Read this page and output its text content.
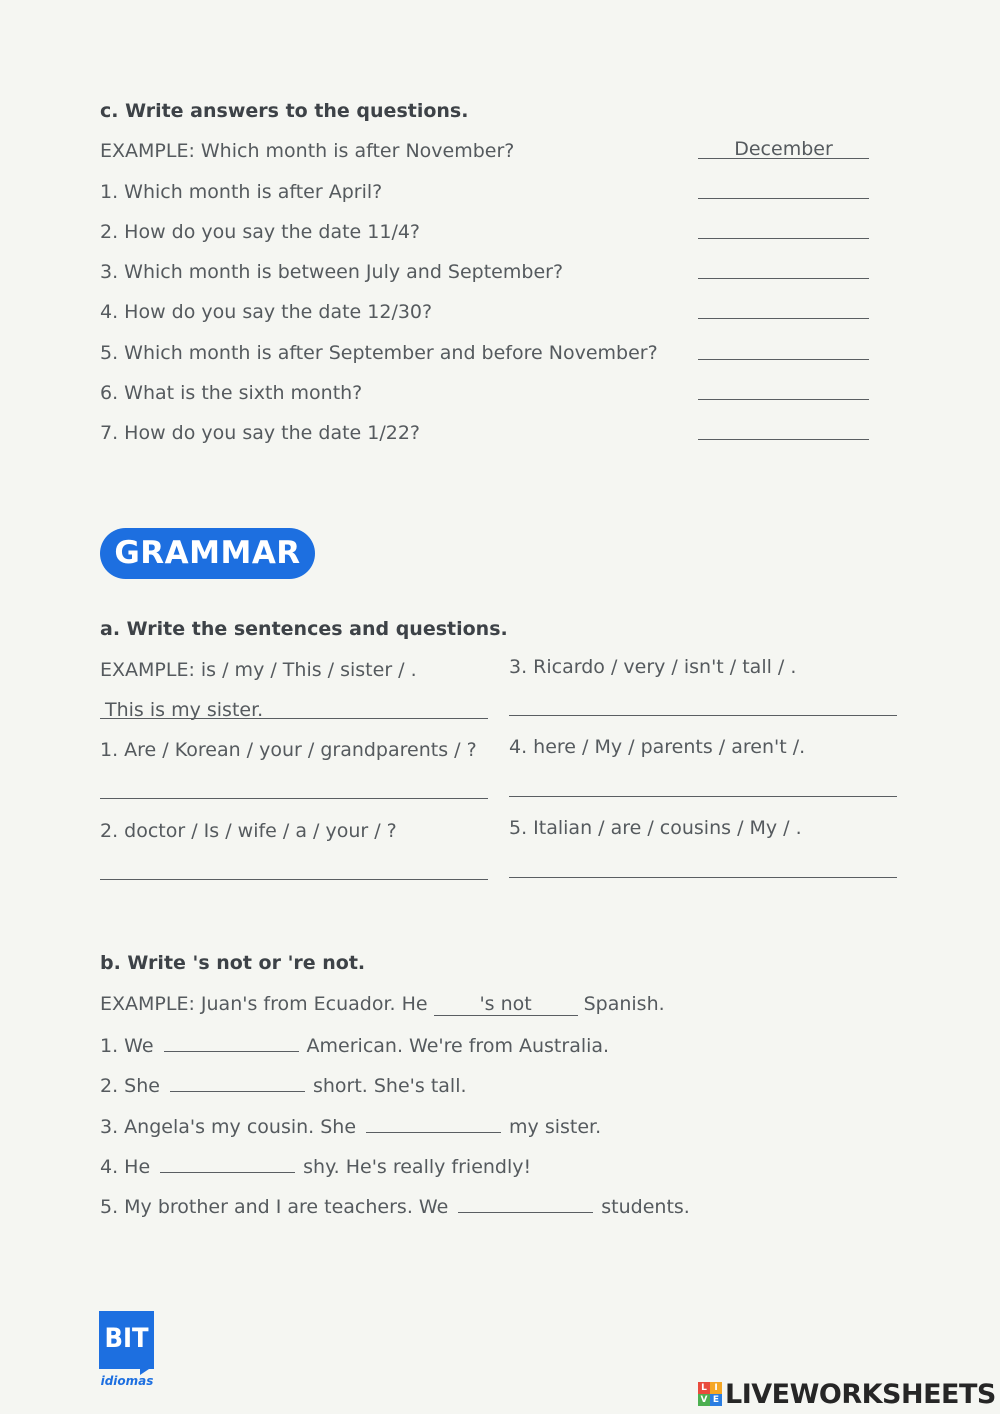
c. Write answers to the questions.
EXAMPLE: Which month is after November?	December
1. Which month is after April?
2. How do you say the date 11/4?
3. Which month is between July and September?
4. How do you say the date 12/30?
5. Which month is after September and before November?
6. What is the sixth month?
7. How do you say the date 1/22?
GRAMMAR
a. Write the sentences and questions.
EXAMPLE: is / my / This / sister / .
This is my sister.
1. Are / Korean / your / grandparents / ?
2. doctor / Is / wife / a / your / ?
3. Ricardo / very / isn't / tall / .
4. here / My / parents / aren't /.
5. Italian / are / cousins / My / .
b. Write 's not or 're not.
EXAMPLE: Juan's from Ecuador. He	's not	Spanish.
1. We	American. We're from Australia.
2. She	short. She's tall.
3. Angela's my cousin. She	my sister.
4. He	shy. He's really friendly!
5. My brother and I are teachers. We	students.
BIT
idiomas	L I
V E LIVEWORKSHEETS
